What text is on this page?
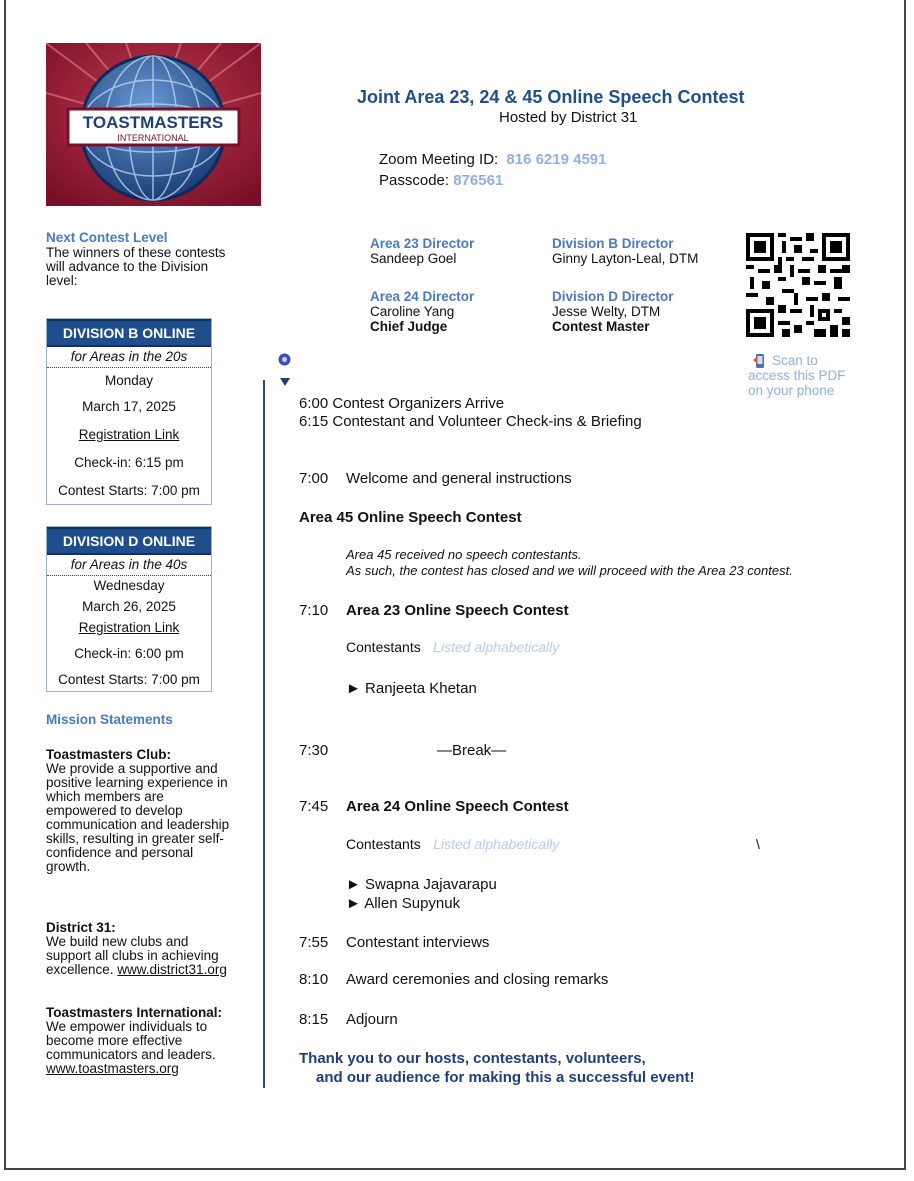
TOASTMASTERS
INTERNATIONAL
Next Contest Level
The winners of these contests
will advance to the Division
level:
DIVISION B ONLINE
for Areas in the 20s
Monday
March 17, 2025
Registration Link
Check-in: 6:15 pm
Contest Starts: 7:00 pm
DIVISION D ONLINE
for Areas in the 40s
Wednesday
March 26, 2025
Registration Link
Check-in: 6:00 pm
Contest Starts: 7:00 pm
Mission Statements
Toastmasters Club:
We provide a supportive and
positive learning experience in
which members are
empowered to develop
communication and leadership
skills, resulting in greater self-
confidence and personal
growth.
District 31:
We build new clubs and
support all clubs in achieving
excellence. www.district31.org
Toastmasters International:
We empower individuals to
become more effective
communicators and leaders.
www.toastmasters.org
Joint Area 23, 24 & 45 Online Speech Contest
Hosted by District 31
Zoom Meeting ID: 816 6219 4591
Passcode: 876561
Area 23 Director
Sandeep Goel
Division B Director
Ginny Layton-Leal, DTM
Area 24 Director
Caroline Yang
Chief Judge
Division D Director
Jesse Welty, DTM
Contest Master
Scan to
access this PDF
on your phone
6:00 Contest Organizers Arrive
6:15 Contestant and Volunteer Check-ins & Briefing
7:00 Welcome and general instructions
Area 45 Online Speech Contest
Area 45 received no speech contestants.
As such, the contest has closed and we will proceed with the Area 23 contest.
7:10 Area 23 Online Speech Contest
Contestants Listed alphabetically
► Ranjeeta Khetan
7:30	—Break—
7:45 Area 24 Online Speech Contest
Contestants Listed alphabetically	\
► Swapna Jajavarapu
► Allen Supynuk
7:55 Contestant interviews
8:10 Award ceremonies and closing remarks
8:15 Adjourn
Thank you to our hosts, contestants, volunteers,
and our audience for making this a successful event!
